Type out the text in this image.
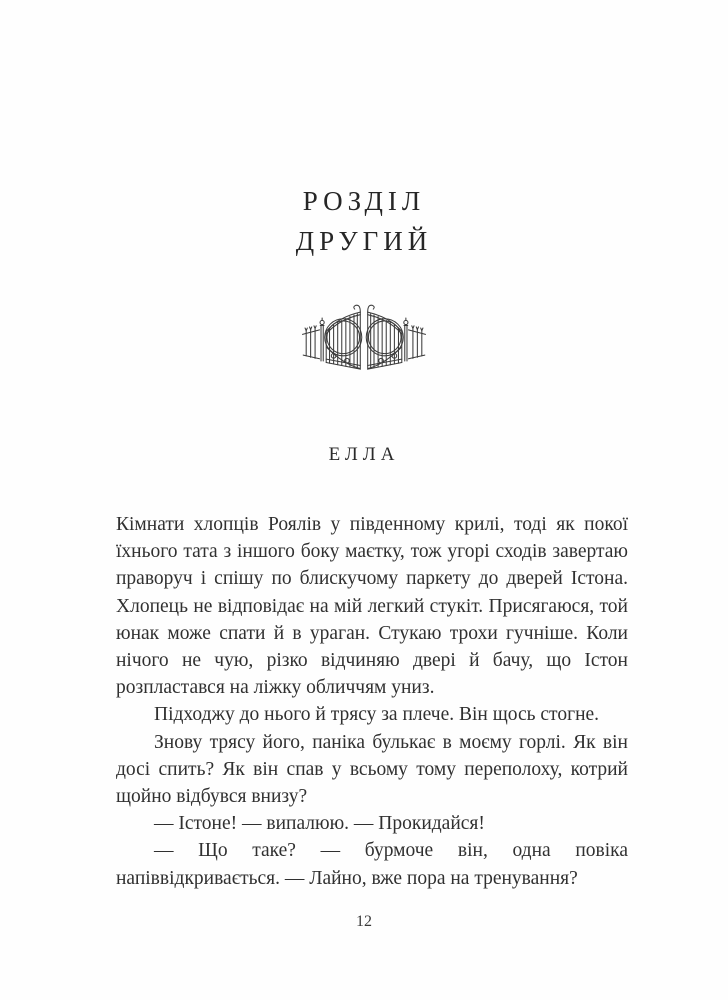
РОЗДІЛ
ДРУГИЙ
ЕЛЛА

Кімнати хлопців Роялів у південному крилі, тоді як покої їхнього тата з іншого боку маєтку, тож угорі сходів завертаю праворуч і спішу по блискучому паркету до дверей Істона. Хлопець не відповідає на мій легкий стукіт. Присягаюся, той юнак може спати й в ураган. Стукаю трохи гучніше. Коли нічого не чую, різко відчиняю двері й бачу, що Істон розпластався на ліжку обличчям униз.

Підходжу до нього й трясу за плече. Він щось стогне.

Знову трясу його, паніка булькає в моєму горлі. Як він досі спить? Як він спав у всьому тому переполоху, котрий щойно відбувся внизу?

— Істоне! — випалюю. — Прокидайся!

— Що таке? — бурмоче він, одна повіка напіввідкривається. — Лайно, вже пора на тренування?

12
